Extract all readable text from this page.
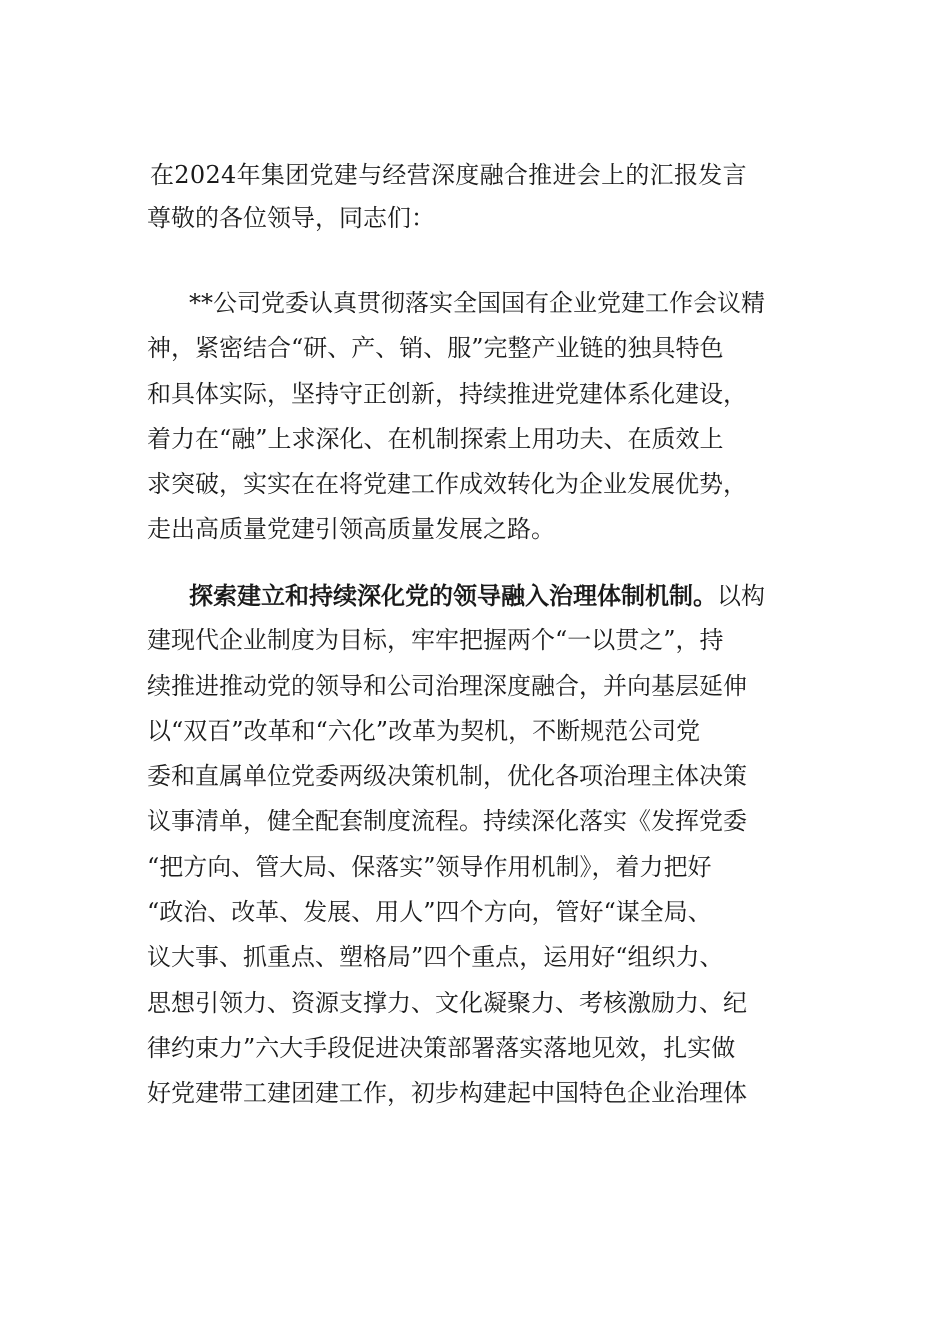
在2024年集团党建与经营深度融合推进会上的汇报发言
尊敬的各位领导，同志们：
**公司党委认真贯彻落实全国国有企业党建工作会议精
神，紧密结合“研、产、销、服”完整产业链的独具特色
和具体实际，坚持守正创新，持续推进党建体系化建设，
着力在“融”上求深化、在机制探索上用功夫、在质效上
求突破，实实在在将党建工作成效转化为企业发展优势，
走出高质量党建引领高质量发展之路。
探索建立和持续深化党的领导融入治理体制机制。以构
建现代企业制度为目标，牢牢把握两个“一以贯之”，持
续推进推动党的领导和公司治理深度融合，并向基层延伸
以“双百”改革和“六化”改革为契机，不断规范公司党
委和直属单位党委两级决策机制，优化各项治理主体决策
议事清单，健全配套制度流程。持续深化落实《发挥党委
“把方向、管大局、保落实”领导作用机制》，着力把好
“政治、改革、发展、用人”四个方向，管好“谋全局、
议大事、抓重点、塑格局”四个重点，运用好“组织力、
思想引领力、资源支撑力、文化凝聚力、考核激励力、纪
律约束力”六大手段促进决策部署落实落地见效，扎实做
好党建带工建团建工作，初步构建起中国特色企业治理体
